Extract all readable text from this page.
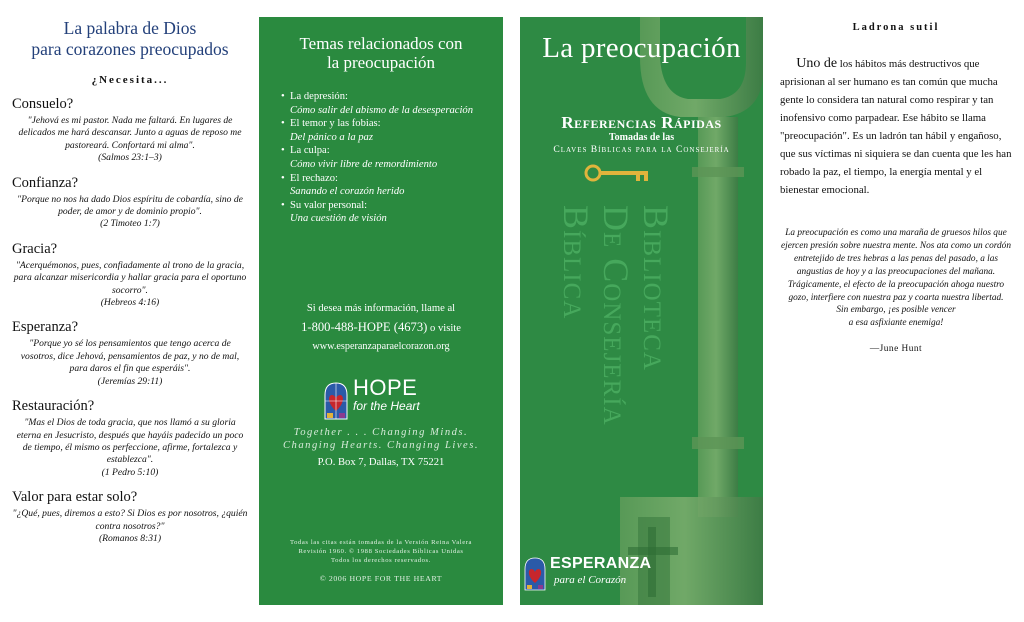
La palabra de Dios
para corazones preocupados
¿Necesita...
Consuelo?
"Jehová es mi pastor. Nada me faltará. En lugares de delicados me hará descansar. Junto a aguas de reposo me pastoreará. Confortará mi alma".
(Salmos 23:1–3)
Confianza?
"Porque no nos ha dado Dios espíritu de cobardía, sino de poder, de amor y de dominio propio".
(2 Timoteo 1:7)
Gracia?
"Acerquémonos, pues, confiadamente al trono de la gracia, para alcanzar misericordia y hallar gracia para el oportuno socorro".
(Hebreos 4:16)
Esperanza?
"Porque yo sé los pensamientos que tengo acerca de vosotros, dice Jehová, pensamientos de paz, y no de mal, para daros el fin que esperáis".
(Jeremías 29:11)
Restauración?
"Mas el Dios de toda gracia, que nos llamó a su gloria eterna en Jesucristo, después que hayáis padecido un poco de tiempo, él mismo os perfeccione, afirme, fortalezca y establezca".
(1 Pedro 5:10)
Valor para estar solo?
"¿Qué, pues, diremos a esto? Si Dios es por nosotros, ¿quién contra nosotros?"
(Romanos 8:31)
Temas relacionados con
la preocupación
• La depresión:
Cómo salir del abismo de la desesperación
• El temor y las fobias:
Del pánico a la paz
• La culpa:
Cómo vivir libre de remordimiento
• El rechazo:
Sanando el corazón herido
• Su valor personal:
Una cuestión de visión
Si desea más información, llame al
1-800-488-HOPE (4673) o visite
www.esperanzaparaelcorazon.org
HOPE
for the Heart
Together . . . Changing Minds.
Changing Hearts. Changing Lives.
P.O. Box 7, Dallas, TX 75221
Todas las citas están tomadas de la Versión Reina Valera
Revisión 1960. © 1988 Sociedades Bíblicas Unidas
Todos los derechos reservados.
© 2006 HOPE FOR THE HEART
La preocupación
Referencias Rápidas
Tomadas de las
Claves Bíblicas para la Consejería
Biblioteca
De Consejería
Bíblica
ESPERANZA
para el Corazón
Ladrona sutil
Uno de los hábitos más destructivos que aprisionan al ser humano es tan común que mucha gente lo considera tan natural como respirar y tan inofensivo como parpadear. Ese hábito se llama "preocupación". Es un ladrón tan hábil y engañoso, que sus víctimas ni siquiera se dan cuenta que les han robado la paz, el tiempo, la energía mental y el bienestar emocional.
La preocupación es como una maraña de gruesos hilos que ejercen presión sobre nuestra mente. Nos ata como un cordón entretejido de tres hebras a las penas del pasado, a las angustias de hoy y a las preocupaciones del mañana. Trágicamente, el efecto de la preocupación ahoga nuestro gozo, interfiere con nuestra paz y coarta nuestra libertad.
Sin embargo, ¡es posible vencer
a esa asfixiante enemiga!
—June Hunt
